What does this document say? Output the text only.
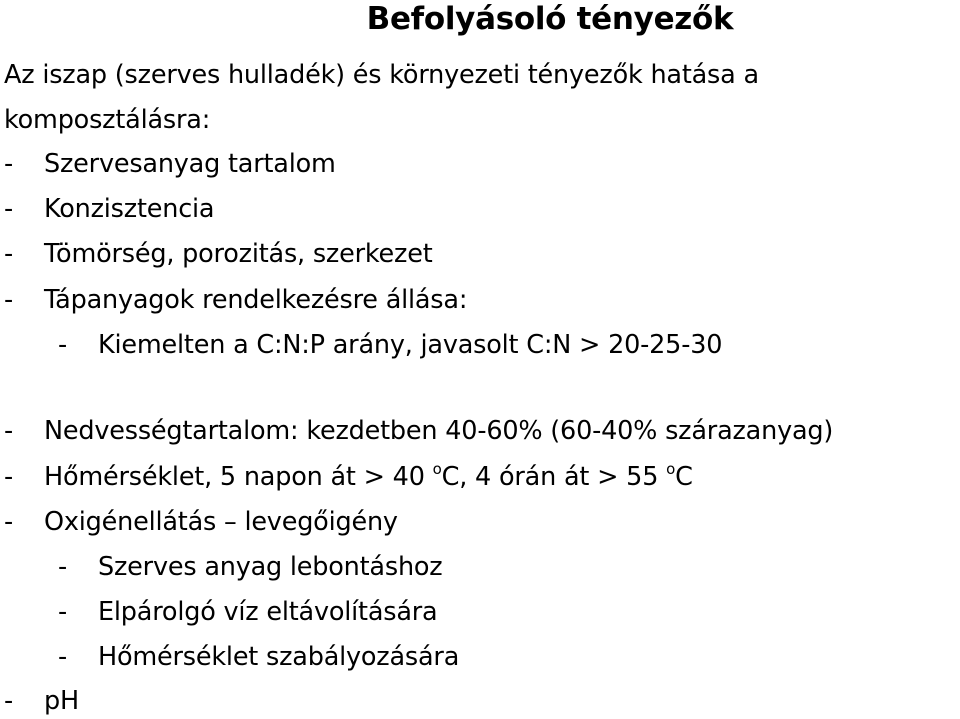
Befolyásoló tényezők
Az iszap (szerves hulladék) és környezeti tényezők hatása a
komposztálásra:
- Szervesanyag tartalom
- Konzisztencia
- Tömörség, porozitás, szerkezet
- Tápanyagok rendelkezésre állása:
- Kiemelten a C:N:P arány, javasolt C:N > 20-25-30
- Nedvességtartalom: kezdetben 40-60% (60-40% szárazanyag)
- Hőmérséklet, 5 napon át > 40 $^o$C, 4 órán át > 55 $^o$C
- Oxigénellátás – levegőigény
- Szerves anyag lebontáshoz
- Elpárolgó víz eltávolítására
- Hőmérséklet szabályozására
- pH
